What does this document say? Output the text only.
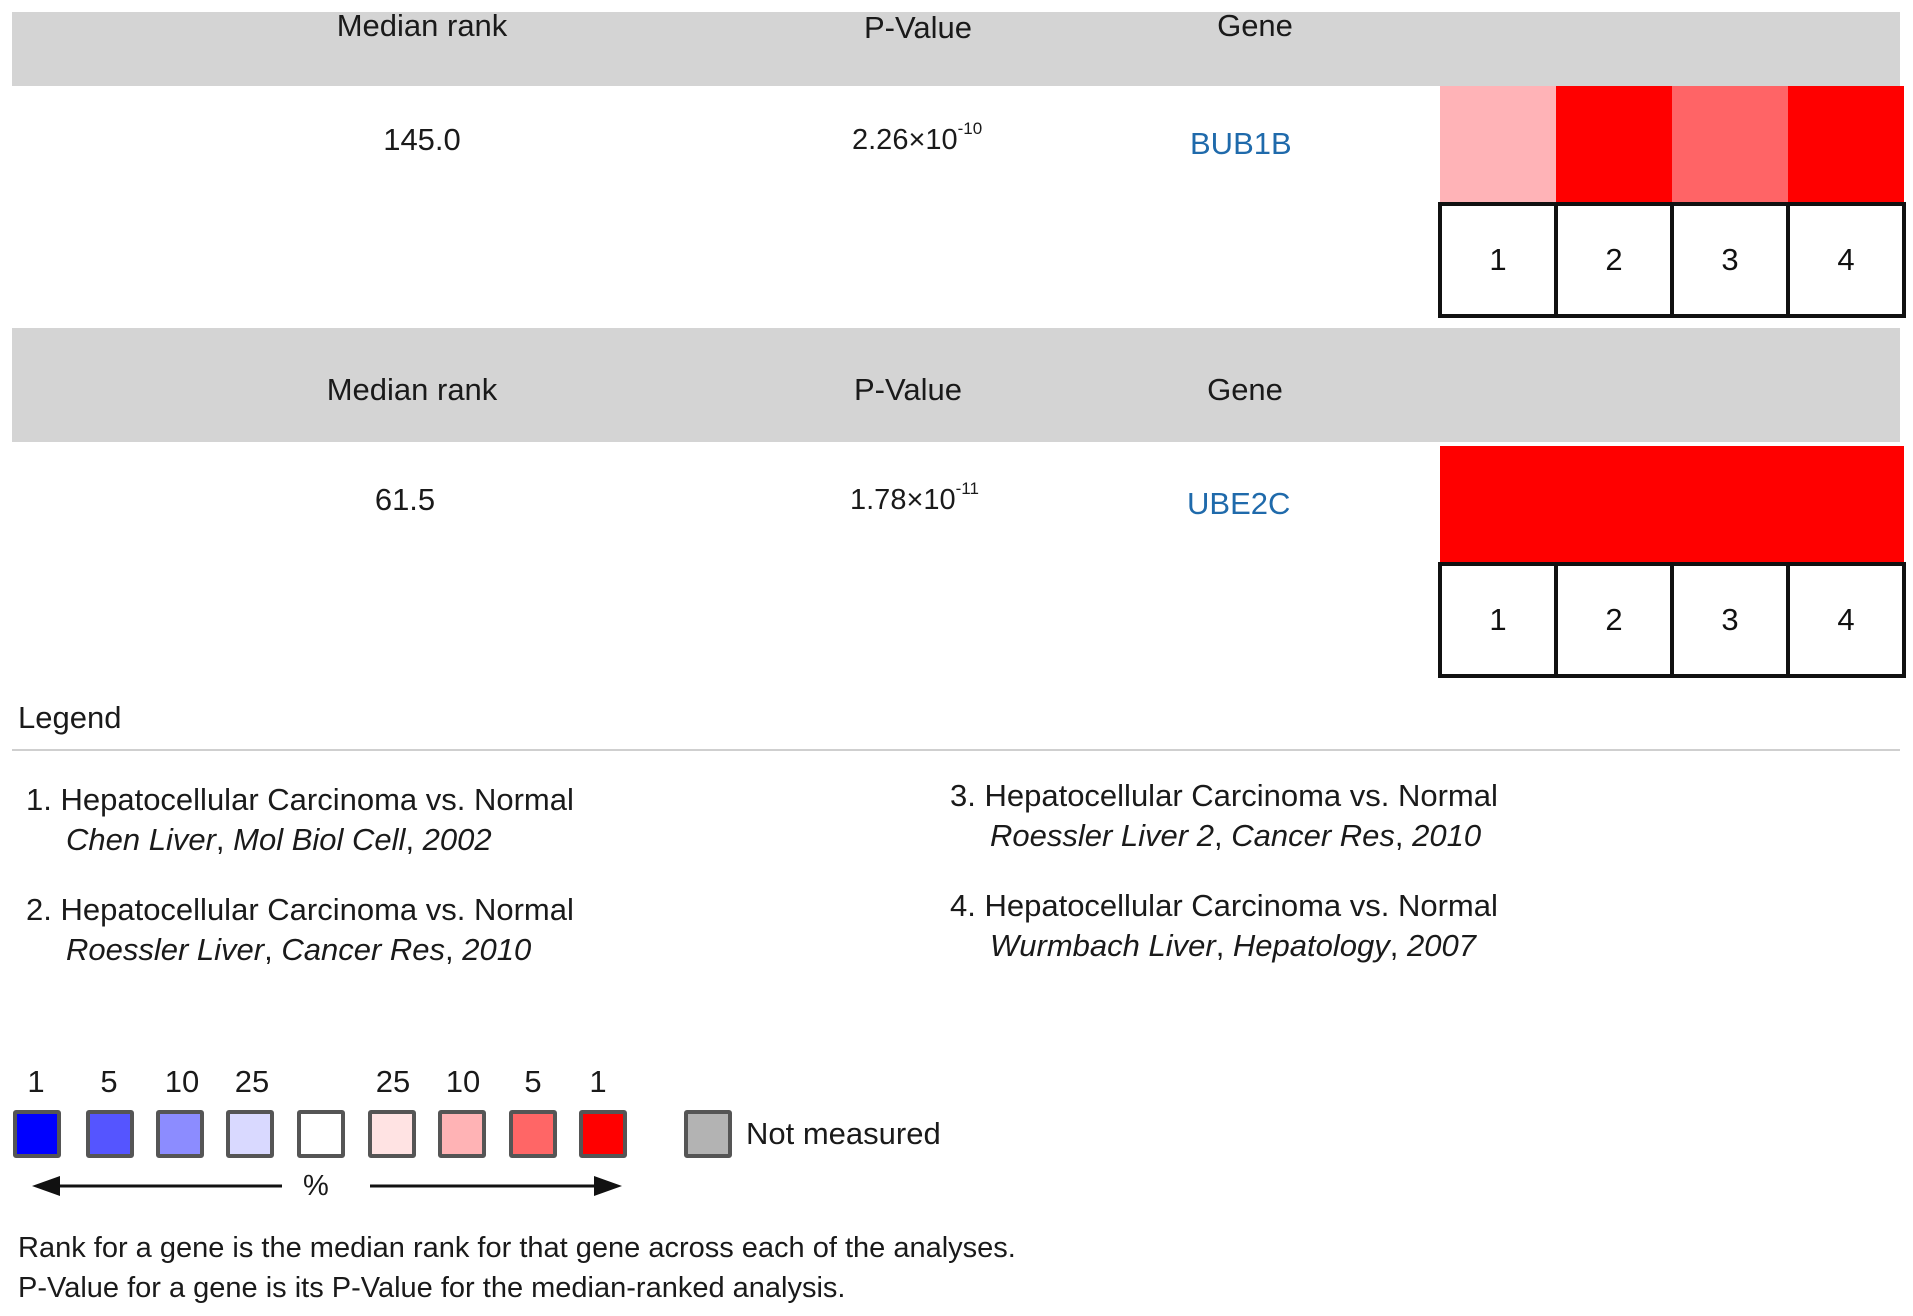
Median rank	P-Value	Gene
145.0	$2.26\times 10^{-10}$	BUB1B
1	2	3	4
Median rank	P-Value	Gene
61.5	$1.78\times 10^{-11}$	UBE2C
1	2	3	4
Legend
1. Hepatocellular Carcinoma vs. Normal
Chen Liver, Mol Biol Cell, 2002
2. Hepatocellular Carcinoma vs. Normal
Roessler Liver, Cancer Res, 2010
3. Hepatocellular Carcinoma vs. Normal
Roessler Liver 2, Cancer Res, 2010
4. Hepatocellular Carcinoma vs. Normal
Wurmbach Liver, Hepatology, 2007
1	5	10	25	25	10	5	1
Not measured
%
Rank for a gene is the median rank for that gene across each of the analyses.
P-Value for a gene is its P-Value for the median-ranked analysis.
